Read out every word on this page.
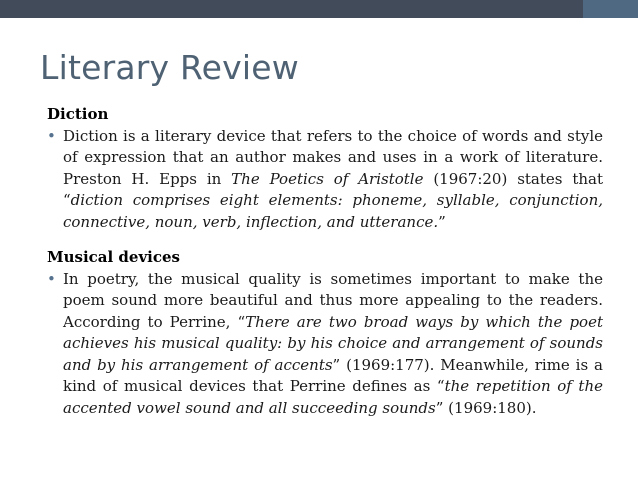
Literary Review

Diction

• Diction is a literary device that refers to the choice of words and style of expression that an author makes and uses in a work of literature. Preston H. Epps in The Poetics of Aristotle (1967:20) states that “diction comprises eight elements: phoneme, syllable, conjunction, connective, noun, verb, inflection, and utterance.”

Musical devices

• In poetry, the musical quality is sometimes important to make the poem sound more beautiful and thus more appealing to the readers. According to Perrine, “There are two broad ways by which the poet achieves his musical quality: by his choice and arrangement of sounds and by his arrangement of accents” (1969:177). Meanwhile, rime is a kind of musical devices that Perrine defines as “the repetition of the accented vowel sound and all succeeding sounds” (1969:180).
